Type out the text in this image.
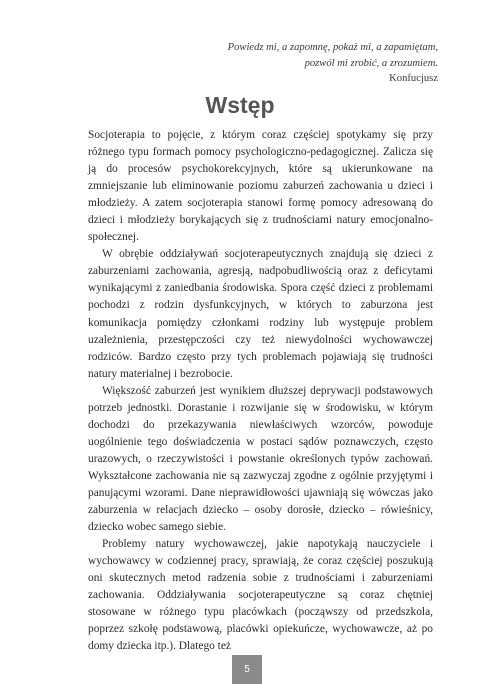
Powiedz mi, a zapomnę, pokaż mi, a zapamiętam,
pozwól mi zrobić, a zrozumiem.
Konfucjusz
Wstęp

Socjoterapia to pojęcie, z którym coraz częściej spotykamy się przy różnego typu formach pomocy psychologiczno-pedagogicznej. Zalicza się ją do procesów psychokorekcyjnych, które są ukierunkowane na zmniejszanie lub eliminowanie poziomu zaburzeń zachowania u dzieci i młodzieży. A zatem socjoterapia stanowi formę pomocy adresowaną do dzieci i młodzieży borykających się z trudnościami natury emocjonalno-społecznej.

W obrębie oddziaływań socjoterapeutycznych znajdują się dzieci z zaburzeniami zachowania, agresją, nadpobudliwością oraz z deficytami wynikającymi z zaniedbania środowiska. Spora część dzieci z problemami pochodzi z rodzin dysfunkcyjnych, w których to zaburzona jest komunikacja pomiędzy członkami rodziny lub występuje problem uzależnienia, przestępczości czy też niewydolności wychowawczej rodziców. Bardzo często przy tych problemach pojawiają się trudności natury materialnej i bezrobocie.

Większość zaburzeń jest wynikiem dłuższej deprywacji podstawowych potrzeb jednostki. Dorastanie i rozwijanie się w środowisku, w którym dochodzi do przekazywania niewłaściwych wzorców, powoduje uogólnienie tego doświadczenia w postaci sądów poznawczych, często urazowych, o rzeczywistości i powstanie określonych typów zachowań. Wykształcone zachowania nie są zazwyczaj zgodne z ogólnie przyjętymi i panującymi wzorami. Dane nieprawidłowości ujawniają się wówczas jako zaburzenia w relacjach dziecko – osoby dorosłe, dziecko – rówieśnicy, dziecko wobec samego siebie.

Problemy natury wychowawczej, jakie napotykają nauczyciele i wychowawcy w codziennej pracy, sprawiają, że coraz częściej poszukują oni skutecznych metod radzenia sobie z trudnościami i zaburzeniami zachowania. Oddziaływania socjoterapeutyczne są coraz chętniej stosowane w różnego typu placówkach (począwszy od przedszkola, poprzez szkołę podstawową, placówki opiekuńcze, wychowawcze, aż po domy dziecka itp.). Dlatego też

5
